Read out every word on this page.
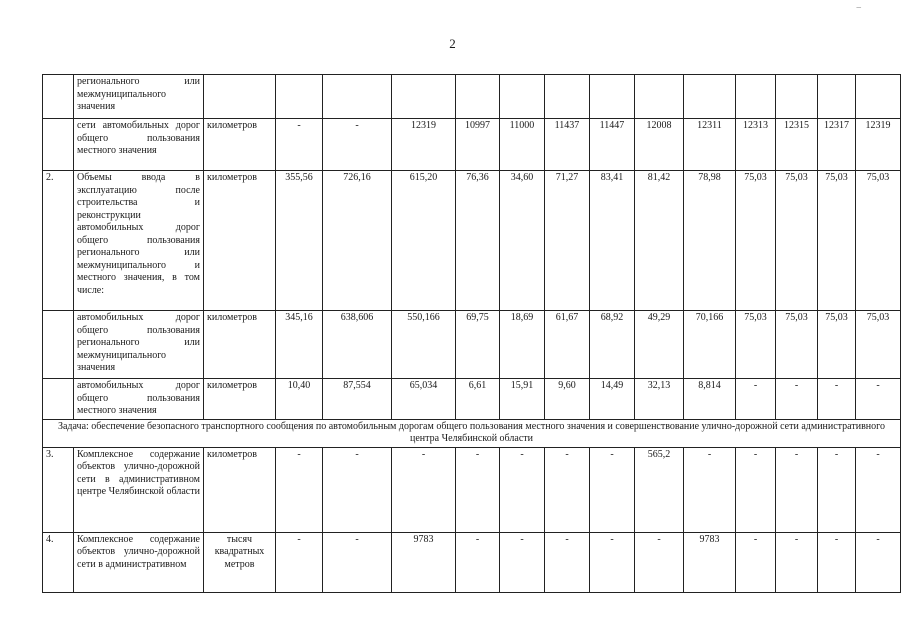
2
–
	регионального или межмуниципального значения														
	сети автомобильных дорог общего пользования местного значения	километров	-	-	12319	10997	11000	11437	11447	12008	12311	12313	12315	12317	12319
2.	Объемы ввода в эксплуатацию после строительства и реконструкции автомобильных дорог общего пользования регионального или межмуниципального и местного значения, в том числе:	километров	355,56	726,16	615,20	76,36	34,60	71,27	83,41	81,42	78,98	75,03	75,03	75,03	75,03
	автомобильных дорог общего пользования регионального или межмуниципального значения	километров	345,16	638,606	550,166	69,75	18,69	61,67	68,92	49,29	70,166	75,03	75,03	75,03	75,03
	автомобильных дорог общего пользования местного значения	километров	10,40	87,554	65,034	6,61	15,91	9,60	14,49	32,13	8,814	-	-	-	-
Задача: обеспечение безопасного транспортного сообщения по автомобильным дорогам общего пользования местного значения и совершенствование улично-дорожной сети административного центра Челябинской области															
3.	Комплексное содержание объектов улично-дорожной сети в административном центре Челябинской области	километров	-	-	-	-	-	-	-	565,2	-	-	-	-	-
4.	Комплексное содержание объектов улично-дорожной сети в административном	тысяч квадратных метров	-	-	9783	-	-	-	-	-	9783	-	-	-	-
